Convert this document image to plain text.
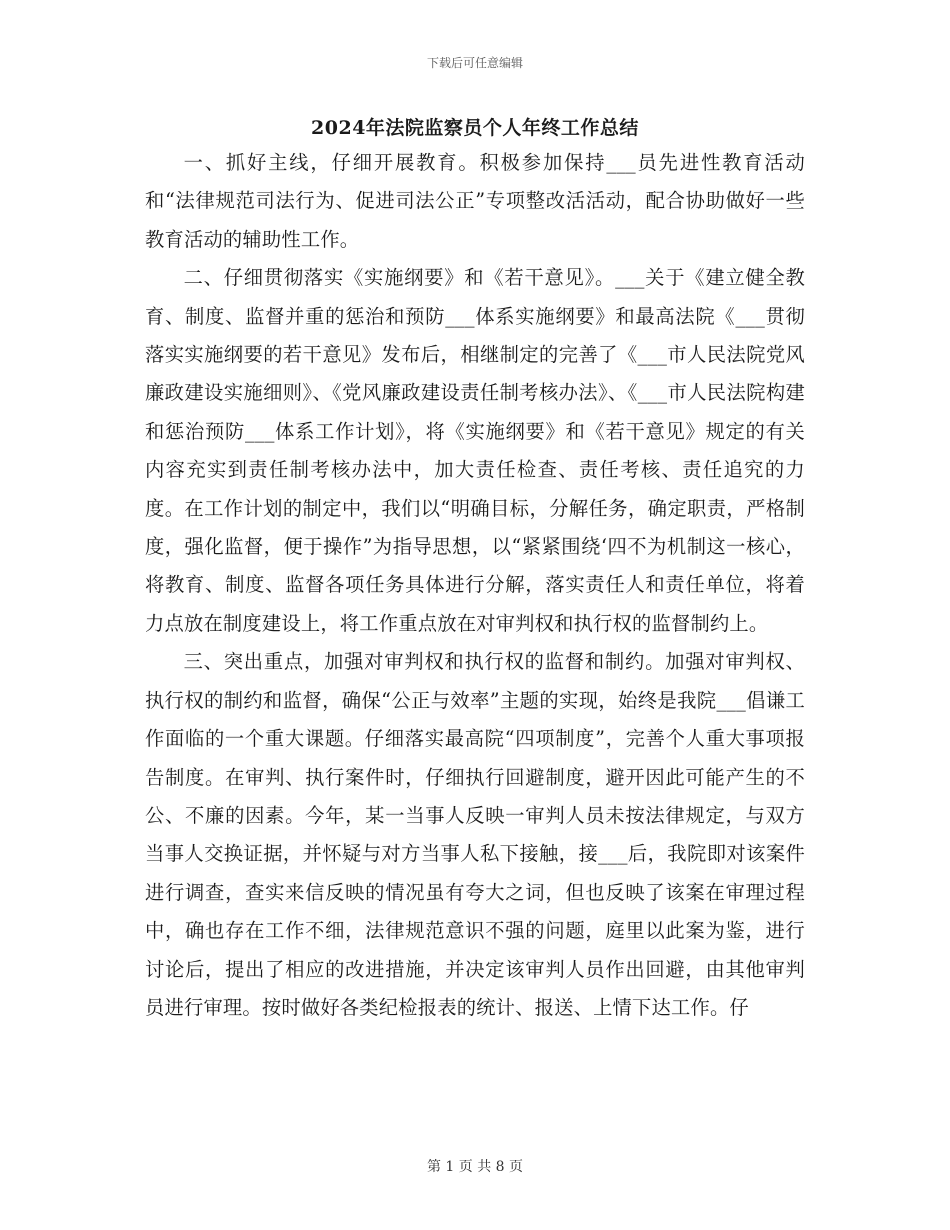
下载后可任意编辑
2024年法院监察员个人年终工作总结

一、抓好主线，仔细开展教育。积极参加保持___员先进性教育活动和“法律规范司法行为、促进司法公正”专项整改活活动，配合协助做好一些教育活动的辅助性工作。

二、仔细贯彻落实《实施纲要》和《若干意见》。___关于《建立健全教育、制度、监督并重的惩治和预防___体系实施纲要》和最高法院《___贯彻落实实施纲要的若干意见》发布后，相继制定的完善了《___市人民法院党风廉政建设实施细则》、《党风廉政建设责任制考核办法》、《___市人民法院构建和惩治预防___体系工作计划》，将《实施纲要》和《若干意见》规定的有关内容充实到责任制考核办法中，加大责任检查、责任考核、责任追究的力度。在工作计划的制定中，我们以“明确目标，分解任务，确定职责，严格制度，强化监督，便于操作”为指导思想，以“紧紧围绕‘四不为机制这一核心，将教育、制度、监督各项任务具体进行分解，落实责任人和责任单位，将着力点放在制度建设上，将工作重点放在对审判权和执行权的监督制约上。

三、突出重点，加强对审判权和执行权的监督和制约。加强对审判权、执行权的制约和监督，确保“公正与效率”主题的实现，始终是我院___倡谦工作面临的一个重大课题。仔细落实最高院“四项制度”，完善个人重大事项报告制度。在审判、执行案件时，仔细执行回避制度，避开因此可能产生的不公、不廉的因素。今年，某一当事人反映一审判人员未按法律规定，与双方当事人交换证据，并怀疑与对方当事人私下接触，接___后，我院即对该案件进行调查，查实来信反映的情况虽有夸大之词，但也反映了该案在审理过程中，确也存在工作不细，法律规范意识不强的问题，庭里以此案为鉴，进行讨论后，提出了相应的改进措施，并决定该审判人员作出回避，由其他审判员进行审理。按时做好各类纪检报表的统计、报送、上情下达工作。仔

第 1 页 共 8 页
